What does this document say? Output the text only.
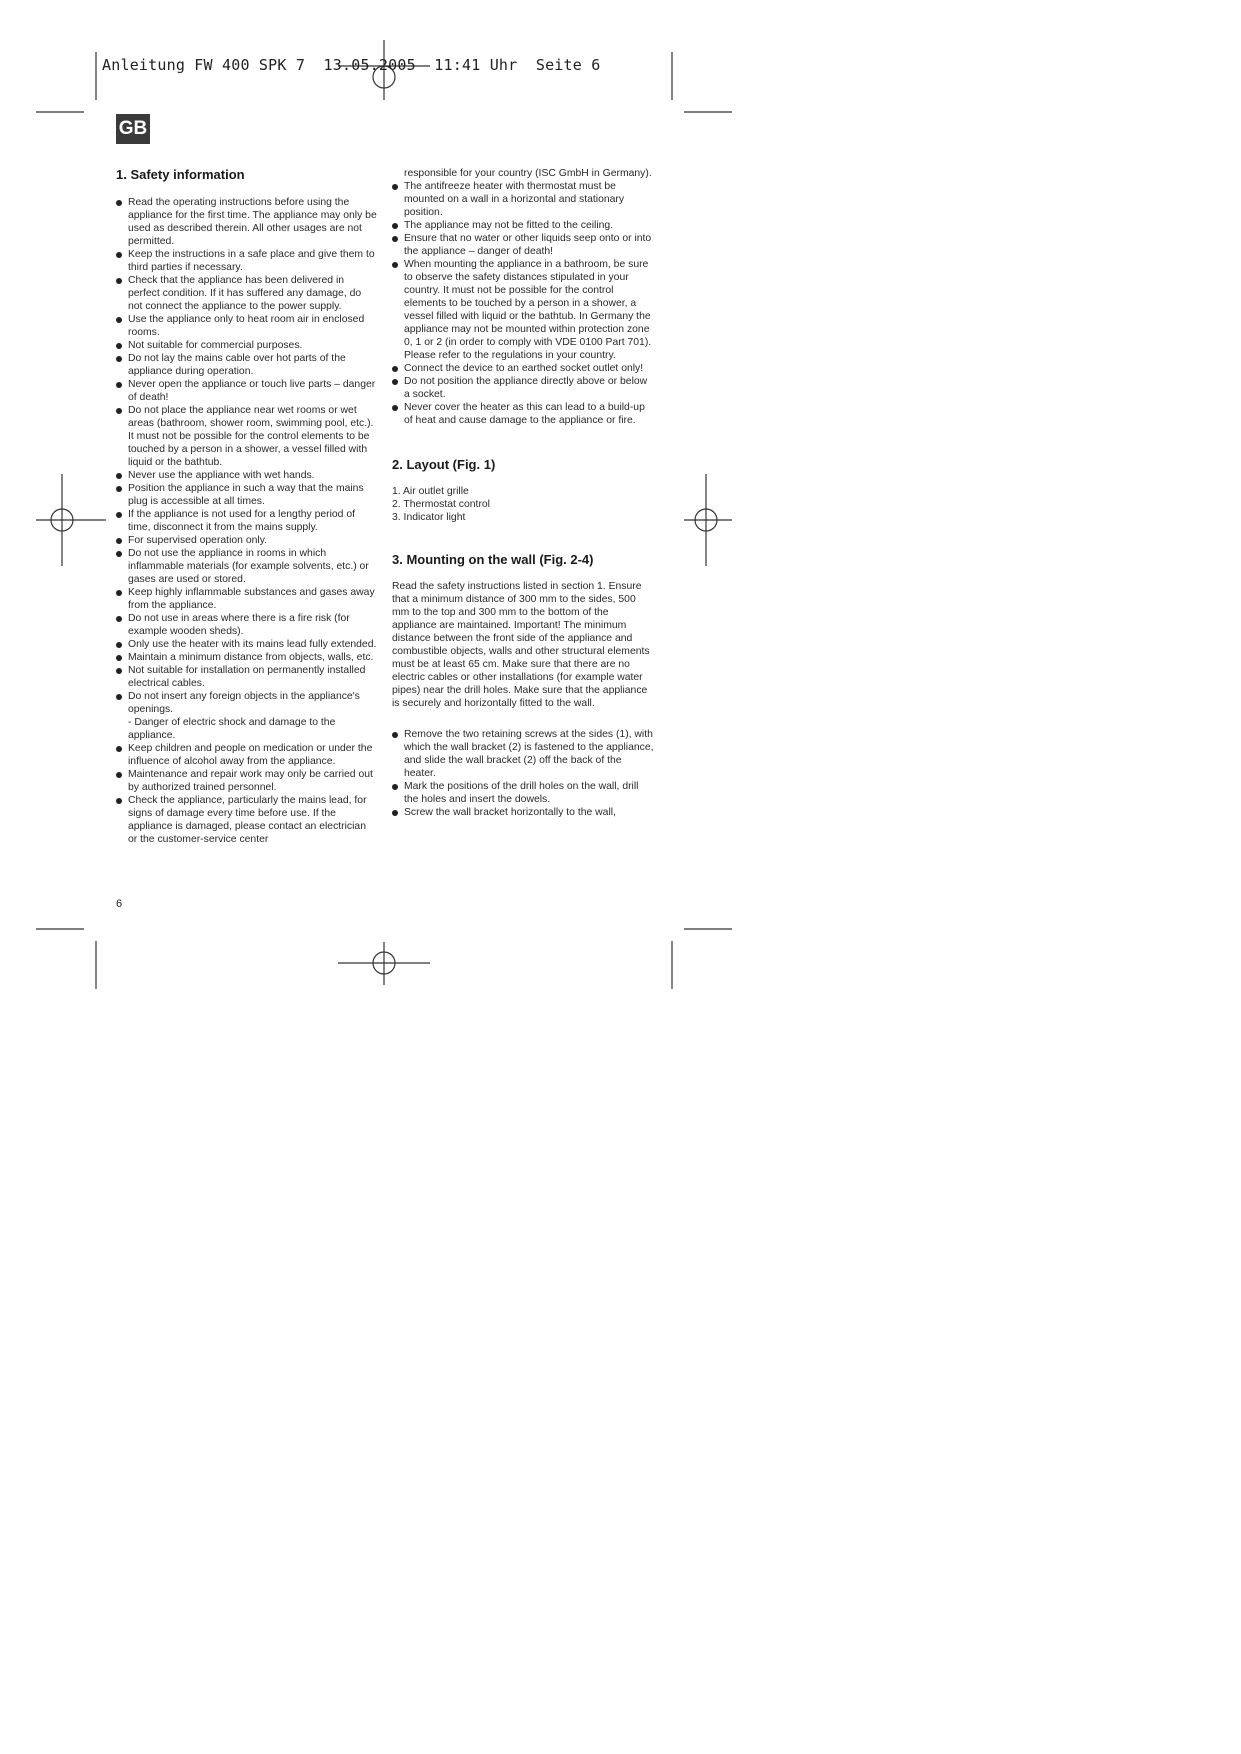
Anleitung FW 400 SPK 7  13.05.2005  11:41 Uhr  Seite 6
GB
1. Safety information
Read the operating instructions before using the appliance for the first time. The appliance may only be used as described therein. All other usages are not permitted.
Keep the instructions in a safe place and give them to third parties if necessary.
Check that the appliance has been delivered in perfect condition. If it has suffered any damage, do not connect the appliance to the power supply.
Use the appliance only to heat room air in enclosed rooms.
Not suitable for commercial purposes.
Do not lay the mains cable over hot parts of the appliance during operation.
Never open the appliance or touch live parts – danger of death!
Do not place the appliance near wet rooms or wet areas (bathroom, shower room, swimming pool, etc.). It must not be possible for the control elements to be touched by a person in a shower, a vessel filled with liquid or the bathtub.
Never use the appliance with wet hands.
Position the appliance in such a way that the mains plug is accessible at all times.
If the appliance is not used for a lengthy period of time, disconnect it from the mains supply.
For supervised operation only.
Do not use the appliance in rooms in which inflammable materials (for example solvents, etc.) or gases are used or stored.
Keep highly inflammable substances and gases away from the appliance.
Do not use in areas where there is a fire risk (for example wooden sheds).
Only use the heater with its mains lead fully extended.
Maintain a minimum distance from objects, walls, etc.
Not suitable for installation on permanently installed electrical cables.
Do not insert any foreign objects in the appliance's openings.
- Danger of electric shock and damage to the appliance.
Keep children and people on medication or under the influence of alcohol away from the appliance.
Maintenance and repair work may only be carried out by authorized trained personnel.
Check the appliance, particularly the mains lead, for signs of damage every time before use. If the appliance is damaged, please contact an electrician or the customer-service center

responsible for your country (ISC GmbH in Germany).

The antifreeze heater with thermostat must be mounted on a wall in a horizontal and stationary position.
The appliance may not be fitted to the ceiling.
Ensure that no water or other liquids seep onto or into the appliance – danger of death!
When mounting the appliance in a bathroom, be sure to observe the safety distances stipulated in your country. It must not be possible for the control elements to be touched by a person in a shower, a vessel filled with liquid or the bathtub. In Germany the appliance may not be mounted within protection zone 0, 1 or 2 (in order to comply with VDE 0100 Part 701). Please refer to the regulations in your country.
Connect the device to an earthed socket outlet only!
Do not position the appliance directly above or below a socket.
Never cover the heater as this can lead to a build-up of heat and cause damage to the appliance or fire.
2. Layout (Fig. 1)
1. Air outlet grille
2. Thermostat control
3. Indicator light
3. Mounting on the wall (Fig. 2-4)

Read the safety instructions listed in section 1. Ensure that a minimum distance of 300 mm to the sides, 500 mm to the top and 300 mm to the bottom of the appliance are maintained. Important! The minimum distance between the front side of the appliance and combustible objects, walls and other structural elements must be at least 65 cm. Make sure that there are no electric cables or other installations (for example water pipes) near the drill holes. Make sure that the appliance is securely and horizontally fitted to the wall.

Remove the two retaining screws at the sides (1), with which the wall bracket (2) is fastened to the appliance, and slide the wall bracket (2) off the back of the heater.
Mark the positions of the drill holes on the wall, drill the holes and insert the dowels.
Screw the wall bracket horizontally to the wall,
6
